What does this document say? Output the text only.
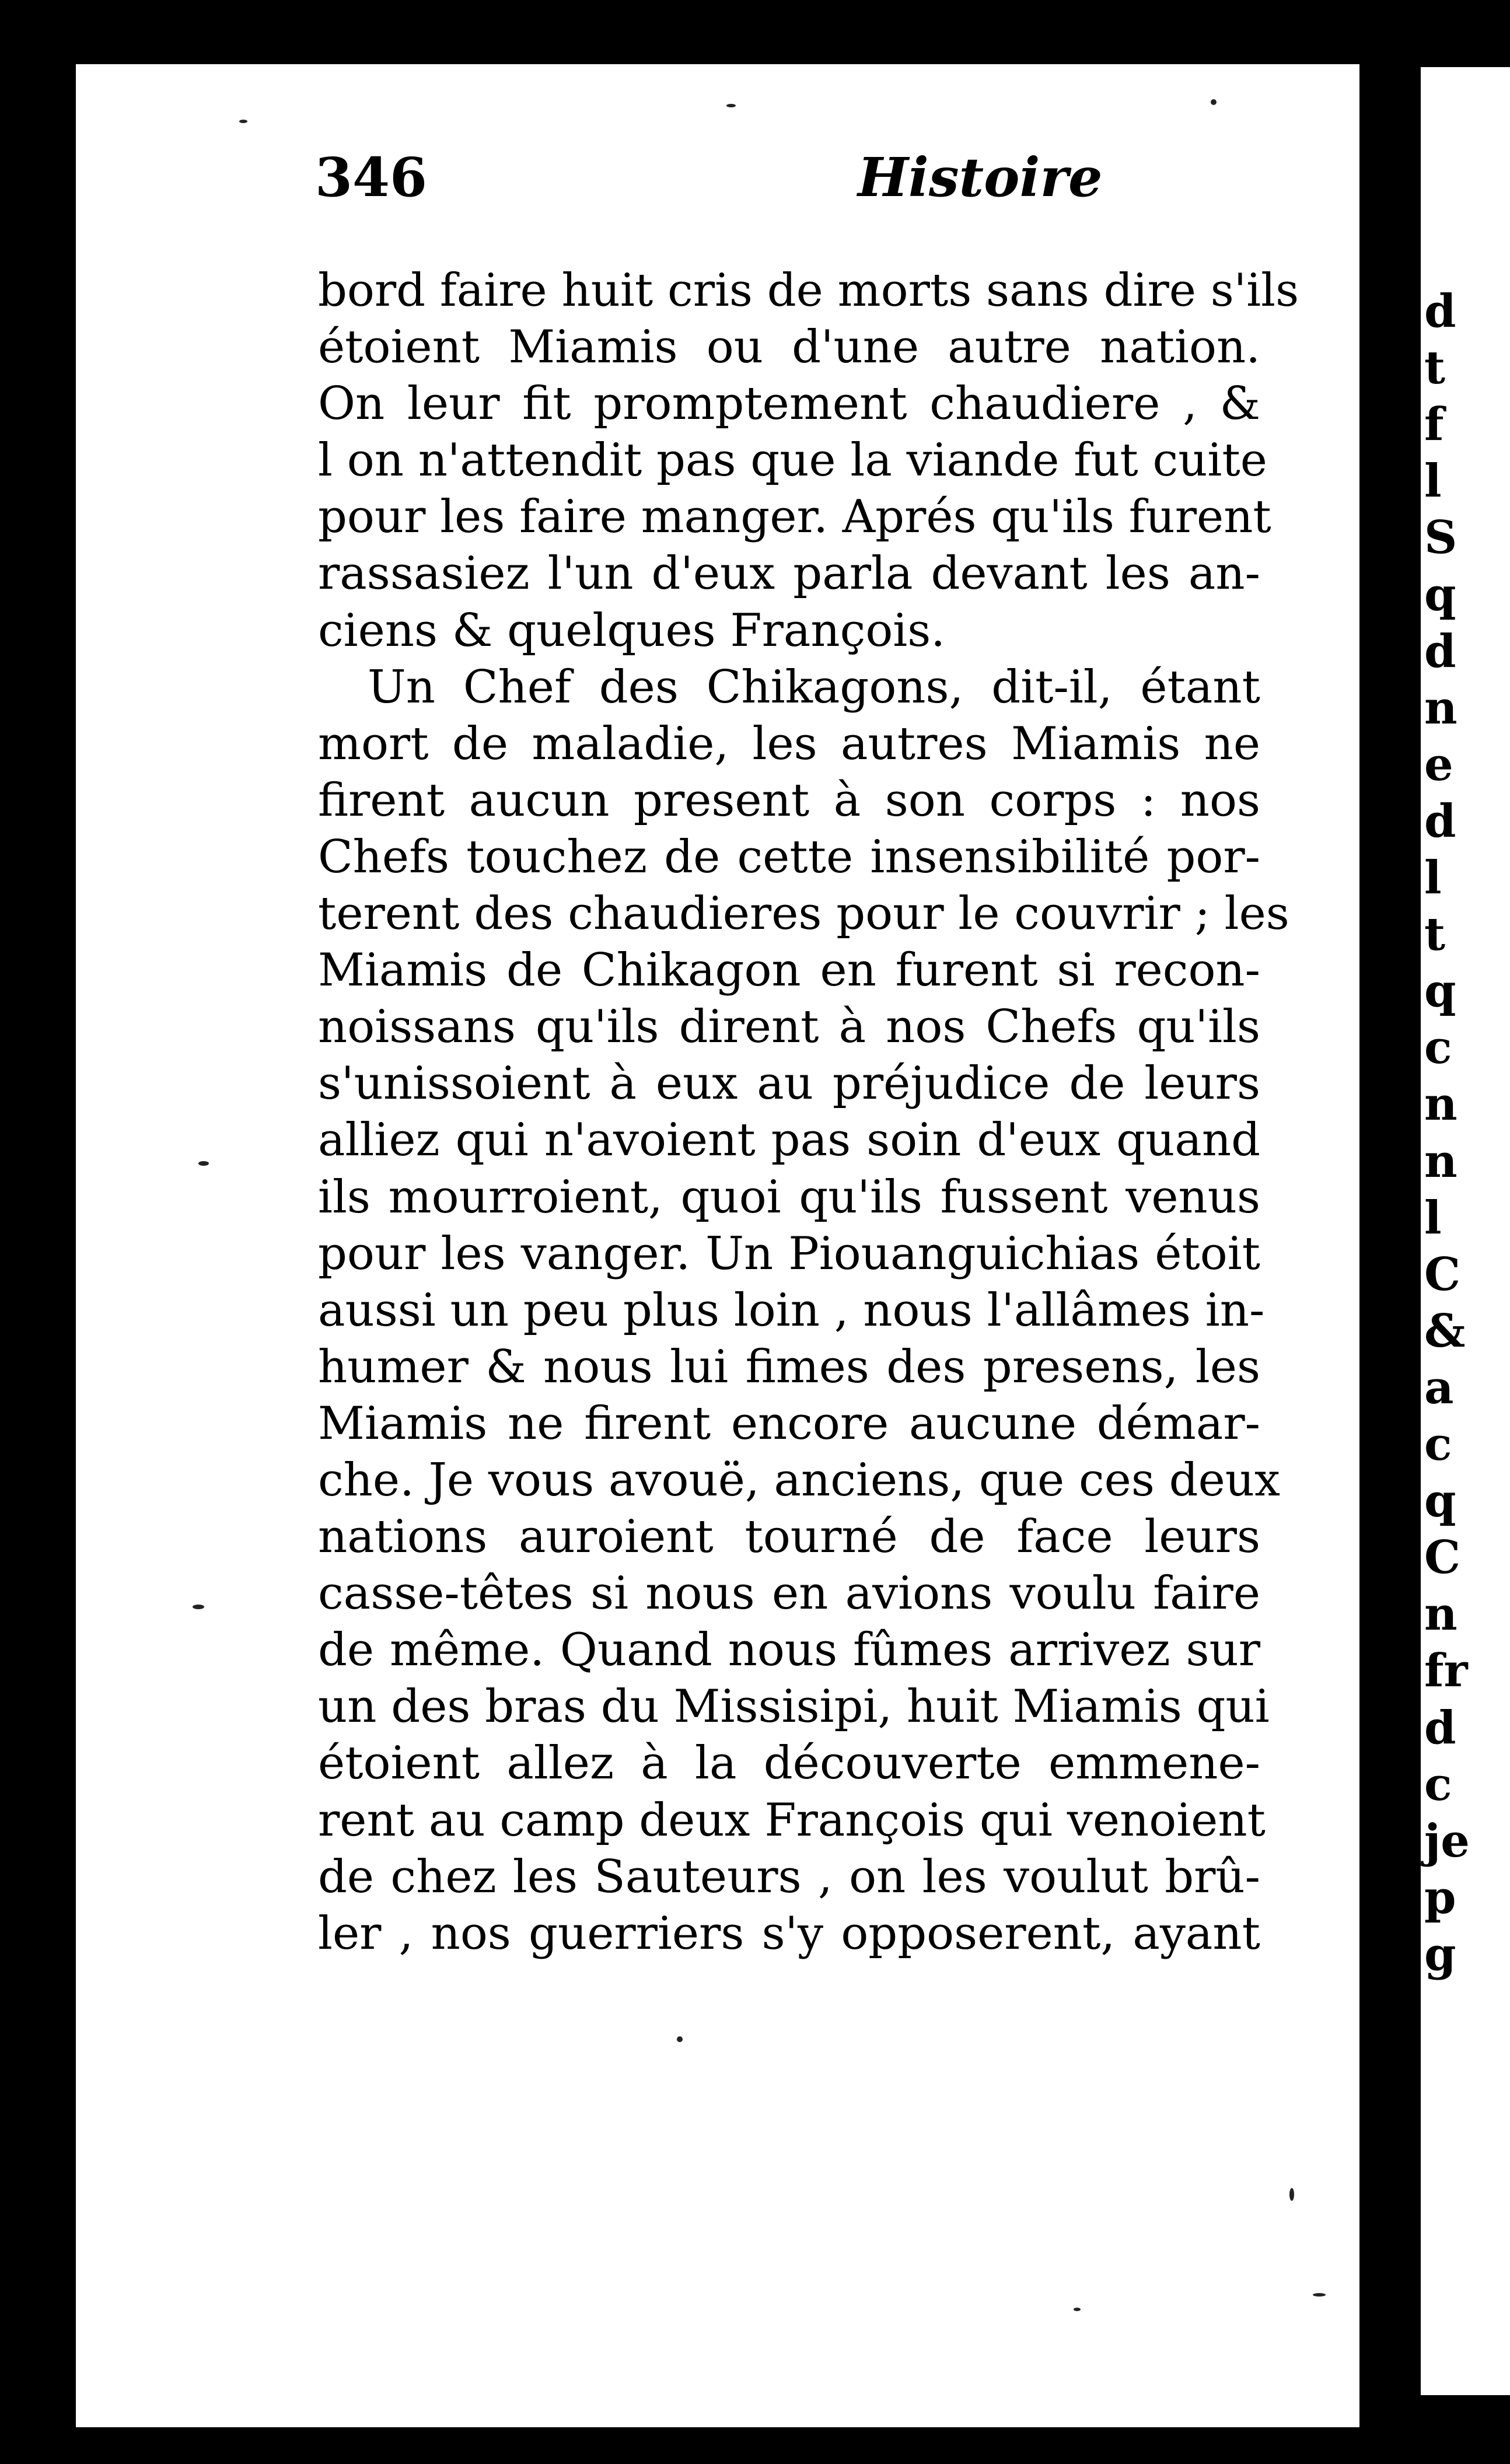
346	Histoire
bord faire huit cris de morts sans dire s'ils
étoient Miamis ou d'une autre nation.
On leur fit promptement chaudiere , &
l on n'attendit pas que la viande fut cuite
pour les faire manger. Aprés qu'ils furent
rassasiez l'un d'eux parla devant les an-
ciens & quelques François.
Un Chef des Chikagons, dit-il, étant
mort de maladie, les autres Miamis ne
firent aucun present à son corps : nos
Chefs touchez de cette insensibilité por-
terent des chaudieres pour le couvrir ; les
Miamis de Chikagon en furent si recon-
noissans qu'ils dirent à nos Chefs qu'ils
s'unissoient à eux au préjudice de leurs
alliez qui n'avoient pas soin d'eux quand
ils mourroient, quoi qu'ils fussent venus
pour les vanger. Un Piouanguichias étoit
aussi un peu plus loin , nous l'allâmes in-
humer & nous lui fimes des presens, les
Miamis ne firent encore aucune démar-
che. Je vous avouë, anciens, que ces deux
nations auroient tourné de face leurs
casse-têtes si nous en avions voulu faire
de même. Quand nous fûmes arrivez sur
un des bras du Missisipi, huit Miamis qui
étoient allez à la découverte emmene-
rent au camp deux François qui venoient
de chez les Sauteurs , on les voulut brû-
ler , nos guerriers s'y opposerent, ayant
d
t
f
l
S
q
d
n
e
d
l
t
q
c
n
n
l
C
&
a
c
q
C
n
fr
d
c
je
p
g
